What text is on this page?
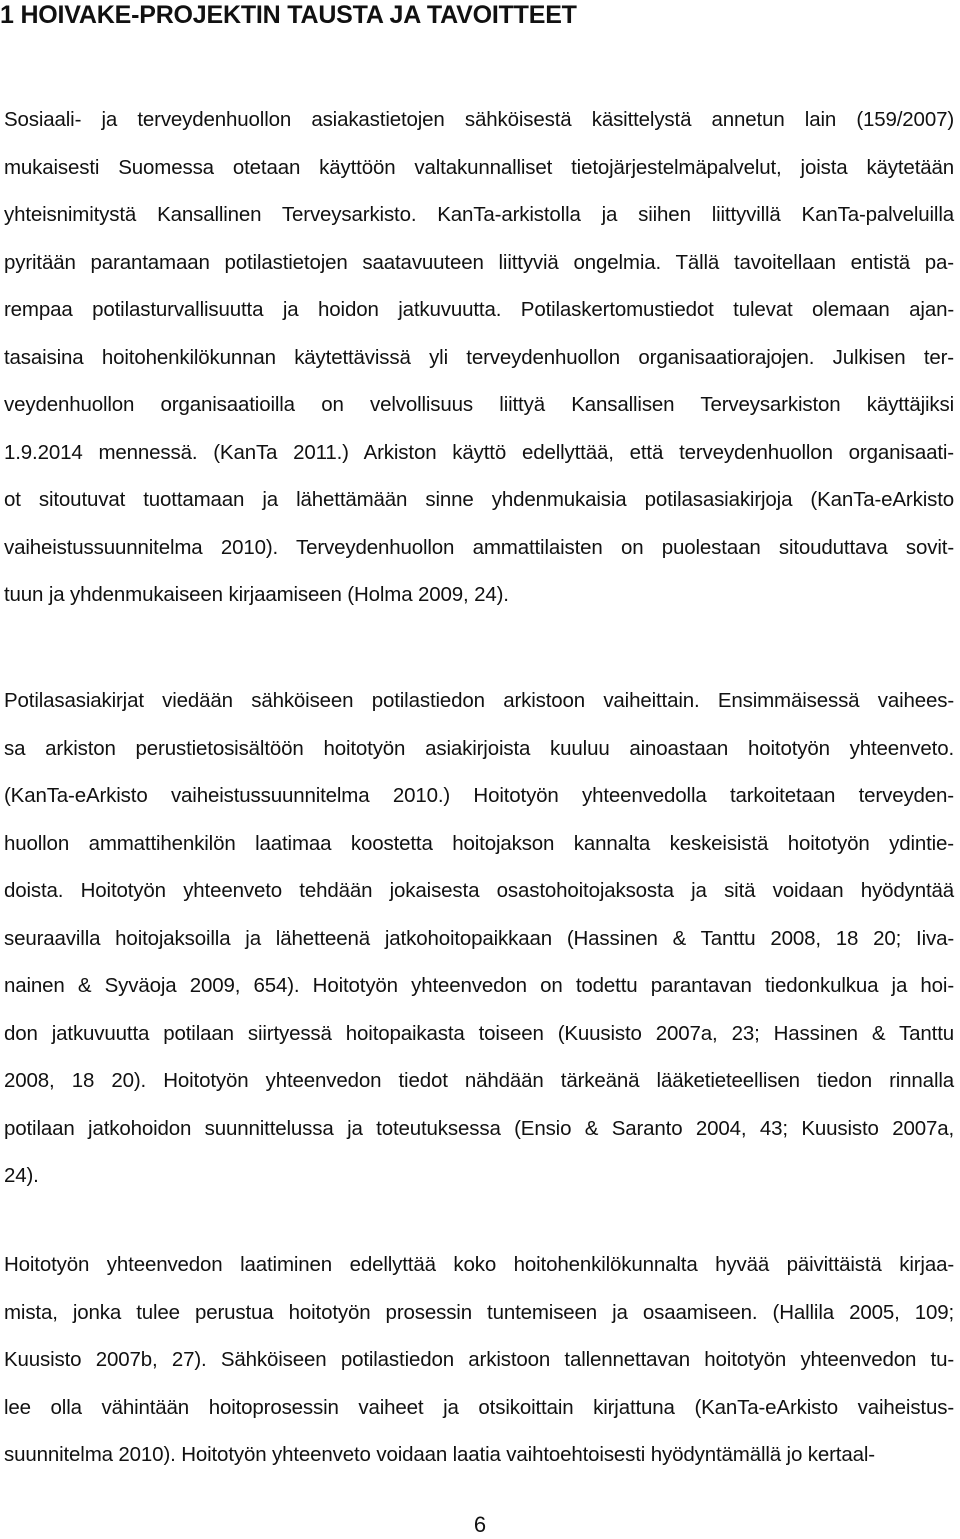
1 HOIVAKE-PROJEKTIN TAUSTA JA TAVOITTEET
Sosiaali- ja terveydenhuollon asiakastietojen sähköisestä käsittelystä annetun lain (159/2007)
mukaisesti Suomessa otetaan käyttöön valtakunnalliset tietojärjestelmäpalvelut, joista käytetään
yhteisnimitystä Kansallinen Terveysarkisto. KanTa-arkistolla ja siihen liittyvillä KanTa-palveluilla
pyritään parantamaan potilastietojen saatavuuteen liittyviä ongelmia. Tällä tavoitellaan entistä pa-
rempaa potilasturvallisuutta ja hoidon jatkuvuutta. Potilaskertomustiedot tulevat olemaan ajan-
tasaisina hoitohenkilökunnan käytettävissä yli terveydenhuollon organisaatiorajojen. Julkisen ter-
veydenhuollon organisaatioilla on velvollisuus liittyä Kansallisen Terveysarkiston käyttäjiksi
1.9.2014 mennessä. (KanTa 2011.) Arkiston käyttö edellyttää, että terveydenhuollon organisaati-
ot sitoutuvat tuottamaan ja lähettämään sinne yhdenmukaisia potilasasiakirjoja (KanTa-eArkisto
vaiheistussuunnitelma 2010). Terveydenhuollon ammattilaisten on puolestaan sitouduttava sovit-
tuun ja yhdenmukaiseen kirjaamiseen (Holma 2009, 24).
Potilasasiakirjat viedään sähköiseen potilastiedon arkistoon vaiheittain. Ensimmäisessä vaihees-
sa arkiston perustietosisältöön hoitotyön asiakirjoista kuuluu ainoastaan hoitotyön yhteenveto.
(KanTa-eArkisto vaiheistussuunnitelma 2010.) Hoitotyön yhteenvedolla tarkoitetaan terveyden-
huollon ammattihenkilön laatimaa koostetta hoitojakson kannalta keskeisistä hoitotyön ydintie-
doista. Hoitotyön yhteenveto tehdään jokaisesta osastohoitojaksosta ja sitä voidaan hyödyntää
seuraavilla hoitojaksoilla ja lähetteenä jatkohoitopaikkaan (Hassinen & Tanttu 2008, 18 20; Iiva-
nainen & Syväoja 2009, 654). Hoitotyön yhteenvedon on todettu parantavan tiedonkulkua ja hoi-
don jatkuvuutta potilaan siirtyessä hoitopaikasta toiseen (Kuusisto 2007a, 23; Hassinen & Tanttu
2008, 18 20). Hoitotyön yhteenvedon tiedot nähdään tärkeänä lääketieteellisen tiedon rinnalla
potilaan jatkohoidon suunnittelussa ja toteutuksessa (Ensio & Saranto 2004, 43; Kuusisto 2007a,
24).
Hoitotyön yhteenvedon laatiminen edellyttää koko hoitohenkilökunnalta hyvää päivittäistä kirjaa-
mista, jonka tulee perustua hoitotyön prosessin tuntemiseen ja osaamiseen. (Hallila 2005, 109;
Kuusisto 2007b, 27). Sähköiseen potilastiedon arkistoon tallennettavan hoitotyön yhteenvedon tu-
lee olla vähintään hoitoprosessin vaiheet ja otsikoittain kirjattuna (KanTa-eArkisto vaiheistus-
suunnitelma 2010). Hoitotyön yhteenveto voidaan laatia vaihtoehtoisesti hyödyntämällä jo kertaal-
6
